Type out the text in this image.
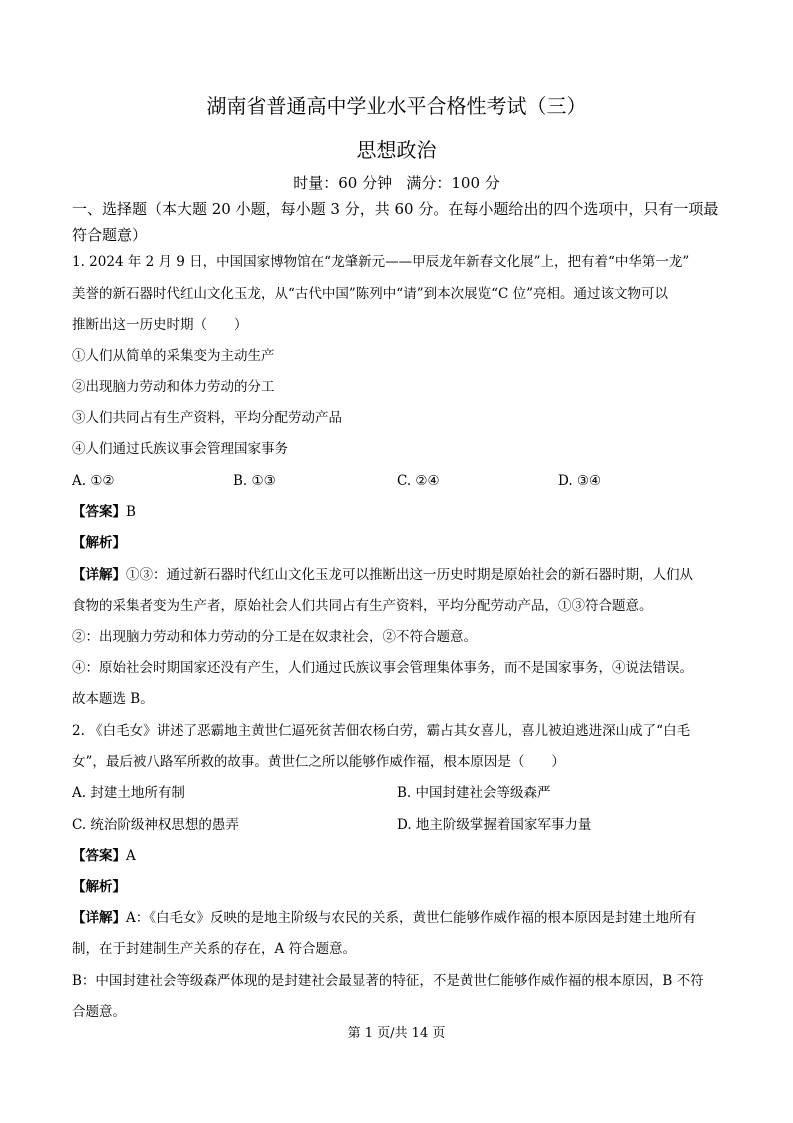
湖南省普通高中学业水平合格性考试（三）
思想政治
时量：60 分钟   满分：100 分
一、选择题（本大题 20 小题，每小题 3 分，共 60 分。在每小题给出的四个选项中，只有一项最符合题意）
1. 2024 年 2 月 9 日，中国国家博物馆在“龙肇新元——甲辰龙年新春文化展”上，把有着“中华第一龙”
美誉的新石器时代红山文化玉龙，从“古代中国”陈列中“请”到本次展览“C 位”亮相。通过该文物可以
推断出这一历史时期（　　）
①人们从简单的采集变为主动生产
②出现脑力劳动和体力劳动的分工
③人们共同占有生产资料，平均分配劳动产品
④人们通过氏族议事会管理国家事务
A. ①②	B. ①③	C. ②④	D. ③④
【答案】B
【解析】
【详解】①③：通过新石器时代红山文化玉龙可以推断出这一历史时期是原始社会的新石器时期，人们从
食物的采集者变为生产者，原始社会人们共同占有生产资料，平均分配劳动产品，①③符合题意。
②：出现脑力劳动和体力劳动的分工是在奴隶社会，②不符合题意。
④：原始社会时期国家还没有产生，人们通过氏族议事会管理集体事务，而不是国家事务，④说法错误。
故本题选 B。
2. 《白毛女》讲述了恶霸地主黄世仁逼死贫苦佃农杨白劳，霸占其女喜儿，喜儿被迫逃进深山成了“白毛
女”，最后被八路军所救的故事。黄世仁之所以能够作威作福，根本原因是（　　）
A. 封建土地所有制	B. 中国封建社会等级森严
C. 统治阶级神权思想的愚弄	D. 地主阶级掌握着国家军事力量
【答案】A
【解析】
【详解】A：《白毛女》反映的是地主阶级与农民的关系，黄世仁能够作威作福的根本原因是封建土地所有
制，在于封建制生产关系的存在，A 符合题意。
B：中国封建社会等级森严体现的是封建社会最显著的特征，不是黄世仁能够作威作福的根本原因，B 不符
合题意。
第 1 页/共 14 页
